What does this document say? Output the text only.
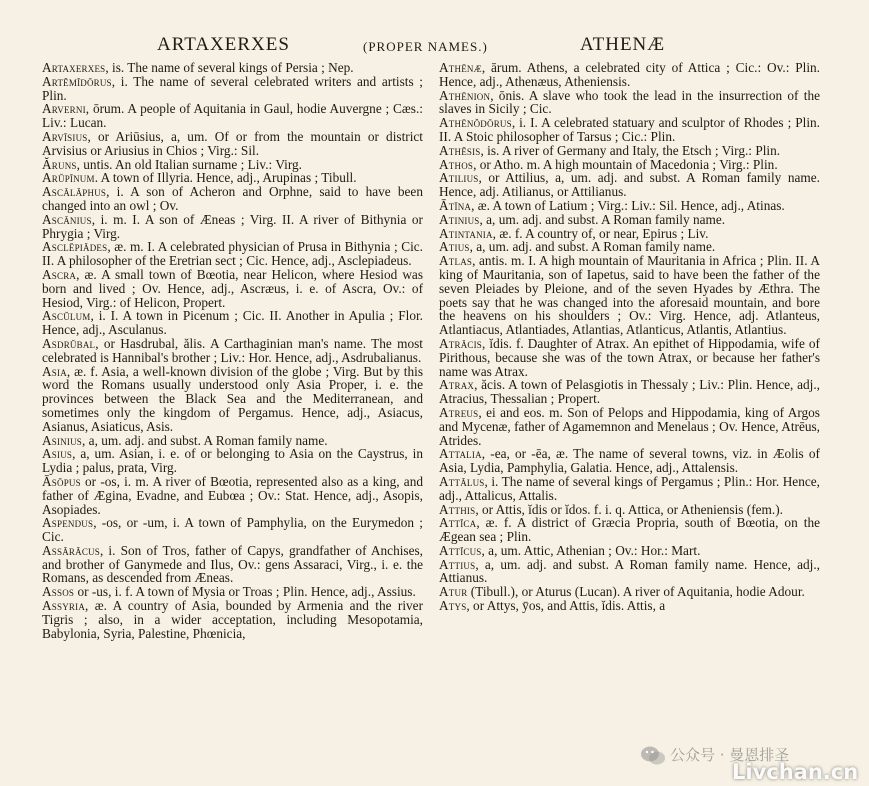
ARTAXERXES	(PROPER NAMES.)	ATHENÆ

Artaxerxes, is. The name of several kings of Persia ; Nep.

Artĕmīdōrus, i. The name of several celebrated writers and artists ; Plin.

Arverni, ōrum. A people of Aquitania in Gaul, hodie Auvergne ; Cæs.: Liv.: Lucan.

Arvīsius, or Ariūsius, a, um. Of or from the mountain or district Arvisius or Ariusius in Chios ; Virg.: Sil.

Ăruns, untis. An old Italian surname ; Liv.: Virg.

Arŭpīnum. A town of Illyria. Hence, adj., Arupinas ; Tibull.

Ascălăphus, i. A son of Acheron and Orphne, said to have been changed into an owl ; Ov.

Ascānius, i. m. I. A son of Æneas ; Virg. II. A river of Bithynia or Phrygia ; Virg.

Asclēpiădes, æ. m. I. A celebrated physician of Prusa in Bithynia ; Cic. II. A philosopher of the Eretrian sect ; Cic. Hence, adj., Asclepiadeus.

Ascra, æ. A small town of Bœotia, near Helicon, where Hesiod was born and lived ; Ov. Hence, adj., Ascræus, i. e. of Ascra, Ov.: of Hesiod, Virg.: of Helicon, Propert.

Ascŭlum, i. I. A town in Picenum ; Cic. II. Another in Apulia ; Flor. Hence, adj., Asculanus.

Asdrŭbal, or Hasdrubal, ălis. A Carthaginian man's name. The most celebrated is Hannibal's brother ; Liv.: Hor. Hence, adj., Asdrubalianus.

Asia, æ. f. Asia, a well-known division of the globe ; Virg. But by this word the Romans usually understood only Asia Proper, i. e. the provinces between the Black Sea and the Mediterranean, and sometimes only the kingdom of Pergamus. Hence, adj., Asiacus, Asianus, Asiaticus, Asis.

Asinius, a, um. adj. and subst. A Roman family name.

Asius, a, um. Asian, i. e. of or belonging to Asia on the Caystrus, in Lydia ; palus, prata, Virg.

Āsōpus or -os, i. m. A river of Bœotia, represented also as a king, and father of Ægina, Evadne, and Eubœa ; Ov.: Stat. Hence, adj., Asopis, Asopiades.

Aspendus, -os, or -um, i. A town of Pamphylia, on the Eurymedon ; Cic.

Assărăcus, i. Son of Tros, father of Capys, grandfather of Anchises, and brother of Ganymede and Ilus, Ov.: gens Assaraci, Virg., i. e. the Romans, as descended from Æneas.

Assos or -us, i. f. A town of Mysia or Troas ; Plin. Hence, adj., Assius.

Assyria, æ. A country of Asia, bounded by Armenia and the river Tigris ; also, in a wider acceptation, including Mesopotamia, Babylonia, Syria, Palestine, Phœnicia,

Athēnæ, ārum. Athens, a celebrated city of Attica ; Cic.: Ov.: Plin. Hence, adj., Athenæus, Atheniensis.

Athēnion, ōnis. A slave who took the lead in the insurrection of the slaves in Sicily ; Cic.

Athēnŏdōrus, i. I. A celebrated statuary and sculptor of Rhodes ; Plin. II. A Stoic philosopher of Tarsus ; Cic.: Plin.

Athĕsis, is. A river of Germany and Italy, the Etsch ; Virg.: Plin.

Athos, or Atho. m. A high mountain of Macedonia ; Virg.: Plin.

Atilius, or Attilius, a, um. adj. and subst. A Roman family name. Hence, adj. Atilianus, or Attilianus.

Ātīna, æ. A town of Latium ; Virg.: Liv.: Sil. Hence, adj., Atinas.

Atinius, a, um. adj. and subst. A Roman family name.

Atintania, æ. f. A country of, or near, Epirus ; Liv.

Atius, a, um. adj. and subst. A Roman family name.

Atlas, antis. m. I. A high mountain of Mauritania in Africa ; Plin. II. A king of Mauritania, son of Iapetus, said to have been the father of the seven Pleiades by Pleione, and of the seven Hyades by Æthra. The poets say that he was changed into the aforesaid mountain, and bore the heavens on his shoulders ; Ov.: Virg. Hence, adj. Atlanteus, Atlantiacus, Atlantiades, Atlantias, Atlanticus, Atlantis, Atlantius.

Atrăcis, ĭdis. f. Daughter of Atrax. An epithet of Hippodamia, wife of Pirithous, because she was of the town Atrax, or because her father's name was Atrax.

Atrax, ăcis. A town of Pelasgiotis in Thessaly ; Liv.: Plin. Hence, adj., Atracius, Thessalian ; Propert.

Atreus, ei and eos. m. Son of Pelops and Hippodamia, king of Argos and Mycenæ, father of Agamemnon and Menelaus ; Ov. Hence, Atrēus, Atrides.

Attalia, -ea, or -ēa, æ. The name of several towns, viz. in Æolis of Asia, Lydia, Pamphylia, Galatia. Hence, adj., Attalensis.

Attălus, i. The name of several kings of Pergamus ; Plin.: Hor. Hence, adj., Attalicus, Attalis.

Atthis, or Attis, ĭdis or ĭdos. f. i. q. Attica, or Atheniensis (fem.).

Attĭca, æ. f. A district of Græcia Propria, south of Bœotia, on the Ægean sea ; Plin.

Attĭcus, a, um. Attic, Athenian ; Ov.: Hor.: Mart.

Attius, a, um. adj. and subst. A Roman family name. Hence, adj., Attianus.

Atur (Tibull.), or Aturus (Lucan). A river of Aquitania, hodie Adour.

Atys, or Attys, ȳos, and Attis, ĭdis. Attis, a

公众号 · 曼恩排圣
Livchan.cn
